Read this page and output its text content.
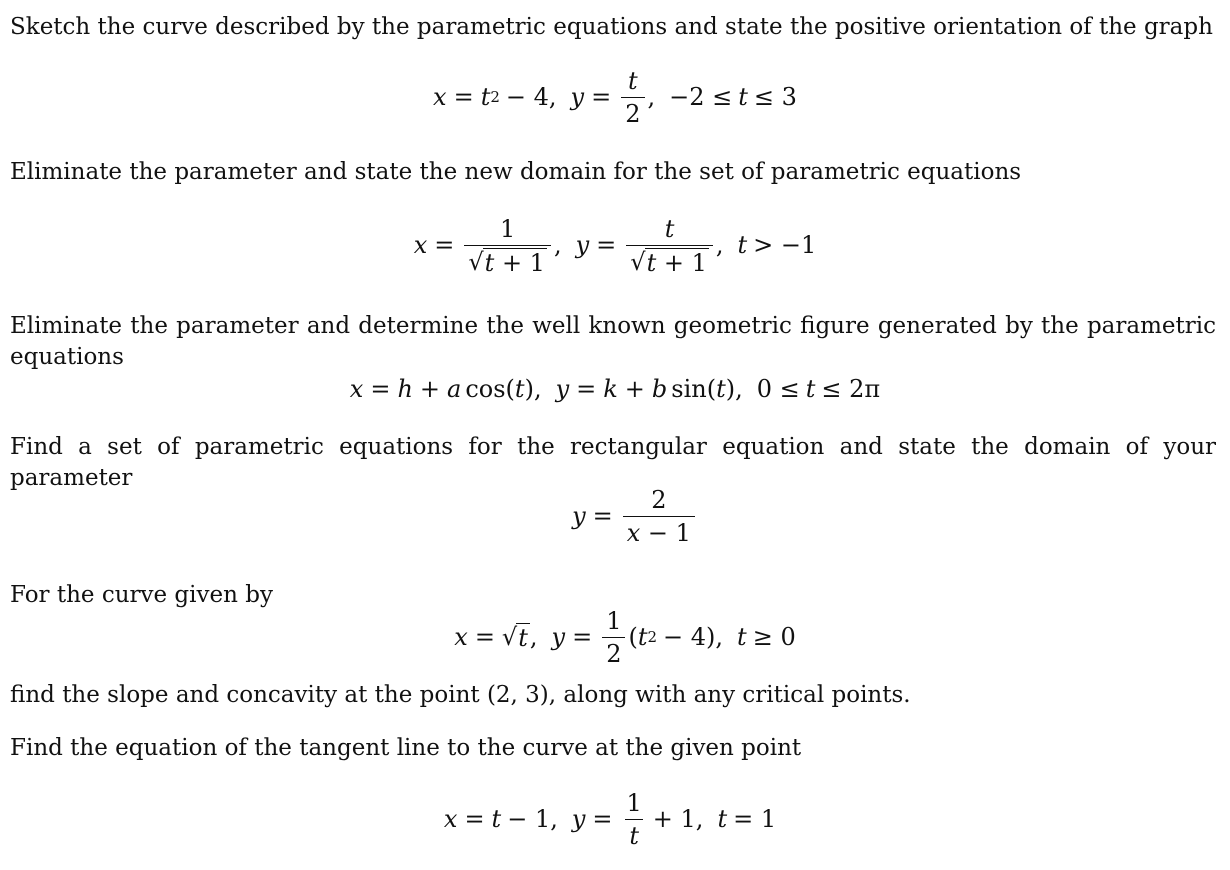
Sketch the curve described by the parametric equations and state the positive orientation of the graph
x = t 2 − 4, $y = \frac{t}{2}$ , −2 ≤ t ≤ 3
Eliminate the parameter and state the new domain for the set of parametric equations
$x = \frac{1}{√ t + 1}$ , $y = \frac{t}{√ t + 1}$ , t > −1
Eliminate the parameter and determine the well known geometric figure generated by the parametric equations
x = h + a cos( t ), y = k + b sin( t ), 0 ≤ t ≤ 2π
Find a set of parametric equations for the rectangular equation and state the domain of your parameter
$y = \frac{2}{x - 1}$
For the curve given by
x = √ t , $y = \frac{1}{2}$ ( t 2 − 4), t ≥ 0
find the slope and concavity at the point (2, 3), along with any critical points.
Find the equation of the tangent line to the curve at the given point
x = t − 1, $y = \frac{1}{t} + 1$, t = 1
